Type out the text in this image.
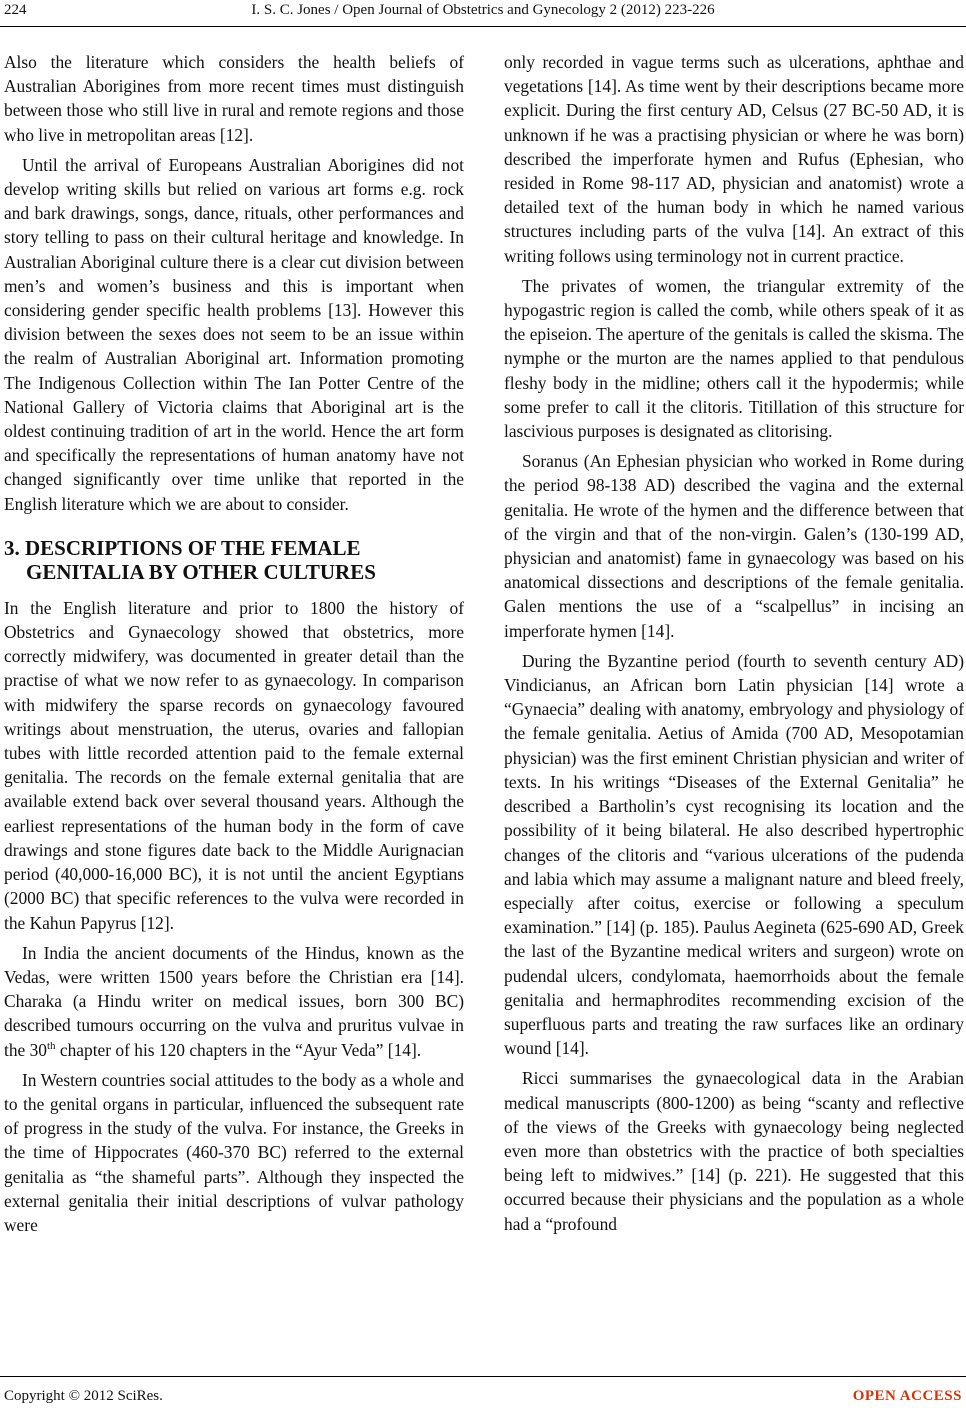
224	I. S. C. Jones / Open Journal of Obstetrics and Gynecology 2 (2012) 223-226

Also the literature which considers the health beliefs of Australian Aborigines from more recent times must distinguish between those who still live in rural and remote regions and those who live in metropolitan areas [12].

Until the arrival of Europeans Australian Aborigines did not develop writing skills but relied on various art forms e.g. rock and bark drawings, songs, dance, rituals, other performances and story telling to pass on their cultural heritage and knowledge. In Australian Aboriginal culture there is a clear cut division between men’s and women’s business and this is important when considering gender specific health problems [13]. However this division between the sexes does not seem to be an issue within the realm of Australian Aboriginal art. Information promoting The Indigenous Collection within The Ian Potter Centre of the National Gallery of Victoria claims that Aboriginal art is the oldest continuing tradition of art in the world. Hence the art form and specifically the representations of human anatomy have not changed significantly over time unlike that reported in the English literature which we are about to consider.

3. DESCRIPTIONS OF THE FEMALE
GENITALIA BY OTHER CULTURES

In the English literature and prior to 1800 the history of Obstetrics and Gynaecology showed that obstetrics, more correctly midwifery, was documented in greater detail than the practise of what we now refer to as gynaecology. In comparison with midwifery the sparse records on gynaecology favoured writings about menstruation, the uterus, ovaries and fallopian tubes with little recorded attention paid to the female external genitalia. The records on the female external genitalia that are available extend back over several thousand years. Although the earliest representations of the human body in the form of cave drawings and stone figures date back to the Middle Aurignacian period (40,000-16,000 BC), it is not until the ancient Egyptians (2000 BC) that specific references to the vulva were recorded in the Kahun Papyrus [12].

In India the ancient documents of the Hindus, known as the Vedas, were written 1500 years before the Christian era [14]. Charaka (a Hindu writer on medical issues, born 300 BC) described tumours occurring on the vulva and pruritus vulvae in the 30th chapter of his 120 chapters in the “Ayur Veda” [14].

In Western countries social attitudes to the body as a whole and to the genital organs in particular, influenced the subsequent rate of progress in the study of the vulva. For instance, the Greeks in the time of Hippocrates (460-370 BC) referred to the external genitalia as “the shameful parts”. Although they inspected the external genitalia their initial descriptions of vulvar pathology were

only recorded in vague terms such as ulcerations, aphthae and vegetations [14]. As time went by their descriptions became more explicit. During the first century AD, Celsus (27 BC-50 AD, it is unknown if he was a practising physician or where he was born) described the imperforate hymen and Rufus (Ephesian, who resided in Rome 98-117 AD, physician and anatomist) wrote a detailed text of the human body in which he named various structures including parts of the vulva [14]. An extract of this writing follows using terminology not in current practice.

The privates of women, the triangular extremity of the hypogastric region is called the comb, while others speak of it as the episeion. The aperture of the genitals is called the skisma. The nymphe or the murton are the names applied to that pendulous fleshy body in the midline; others call it the hypodermis; while some prefer to call it the clitoris. Titillation of this structure for lascivious purposes is designated as clitorising.

Soranus (An Ephesian physician who worked in Rome during the period 98-138 AD) described the vagina and the external genitalia. He wrote of the hymen and the difference between that of the virgin and that of the non-virgin. Galen’s (130-199 AD, physician and anatomist) fame in gynaecology was based on his anatomical dissections and descriptions of the female genitalia. Galen mentions the use of a “scalpellus” in incising an imperforate hymen [14].

During the Byzantine period (fourth to seventh century AD) Vindicianus, an African born Latin physician [14] wrote a “Gynaecia” dealing with anatomy, embryology and physiology of the female genitalia. Aetius of Amida (700 AD, Mesopotamian physician) was the first eminent Christian physician and writer of texts. In his writings “Diseases of the External Genitalia” he described a Bartholin’s cyst recognising its location and the possibility of it being bilateral. He also described hypertrophic changes of the clitoris and “various ulcerations of the pudenda and labia which may assume a malignant nature and bleed freely, especially after coitus, exercise or following a speculum examination.” [14] (p. 185). Paulus Aegineta (625-690 AD, Greek the last of the Byzantine medical writers and surgeon) wrote on pudendal ulcers, condylomata, haemorrhoids about the female genitalia and hermaphrodites recommending excision of the superfluous parts and treating the raw surfaces like an ordinary wound [14].

Ricci summarises the gynaecological data in the Arabian medical manuscripts (800-1200) as being “scanty and reflective of the views of the Greeks with gynaecology being neglected even more than obstetrics with the practice of both specialties being left to midwives.” [14] (p. 221). He suggested that this occurred because their physicians and the population as a whole had a “profound

Copyright © 2012 SciRes.	OPEN ACCESS
